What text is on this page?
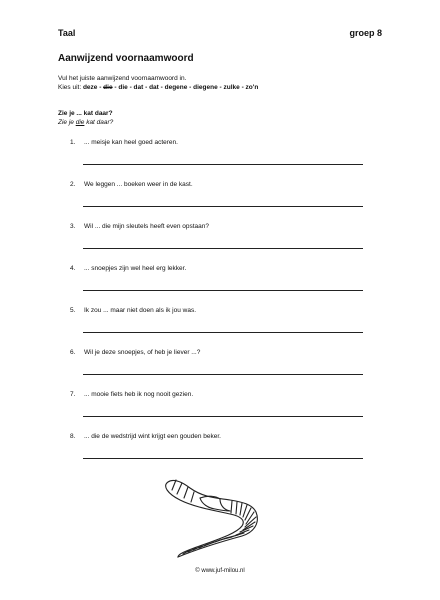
Taal	groep 8
Aanwijzend voornaamwoord
Vul het juiste aanwijzend voornaamwoord in.
Kies uit: deze - die - die - dat - dat - degene - diegene - zulke - zo'n
Zie je ... kat daar?
Zie je die kat daar?
1. ... meisje kan heel goed acteren.
2. We leggen ... boeken weer in de kast.
3. Wil ... die mijn sleutels heeft even opstaan?
4. ... snoepjes zijn wel heel erg lekker.
5. Ik zou ... maar niet doen als ik jou was.
6. Wil je deze snoepjes, of heb je liever ...?
7. ... mooie fiets heb ik nog nooit gezien.
8. ... die de wedstrijd wint krijgt een gouden beker.
© www.juf-milou.nl
